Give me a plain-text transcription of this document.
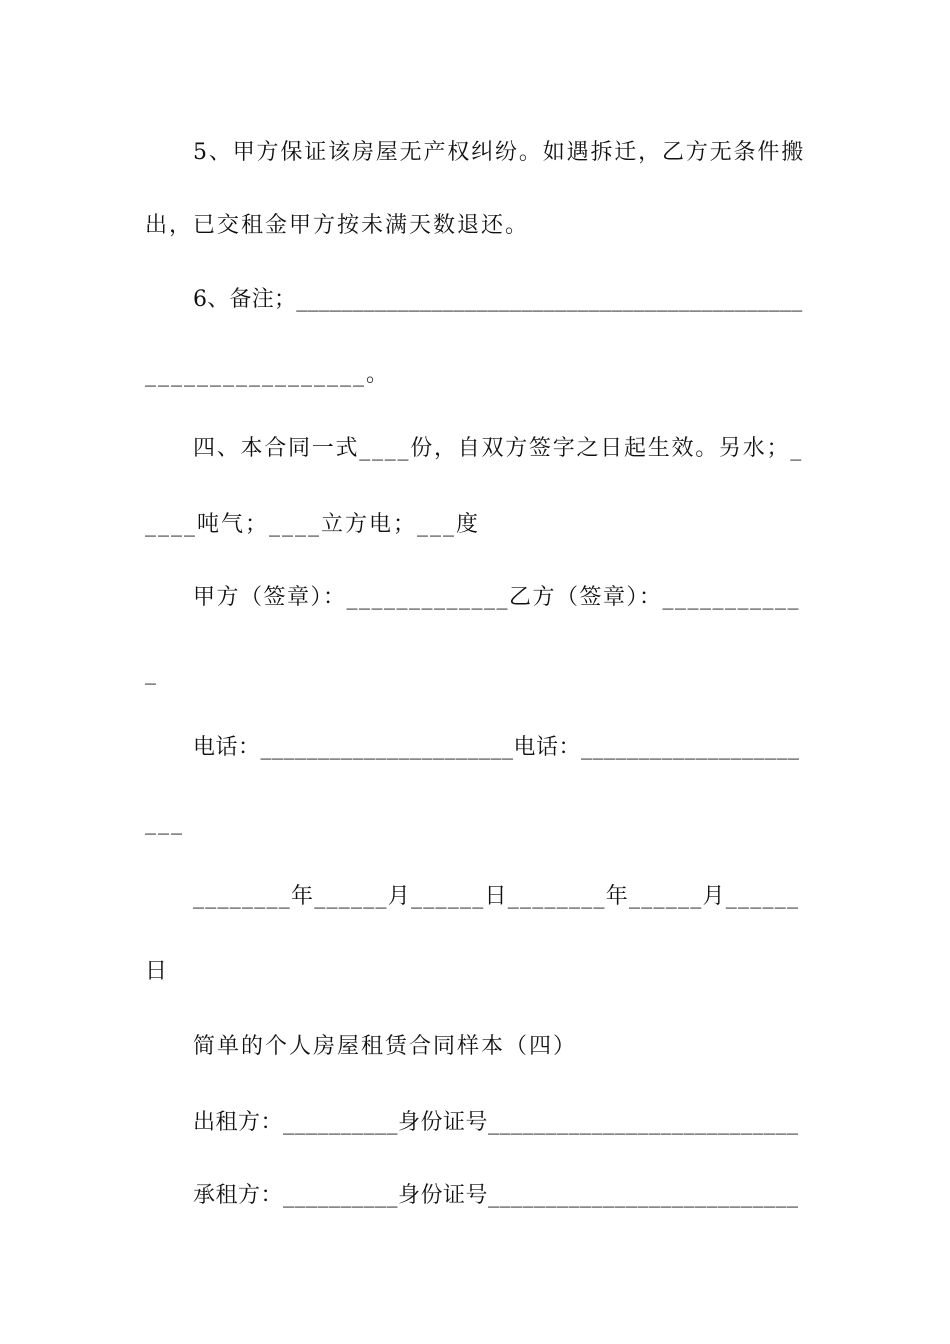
5、甲方保证该房屋无产权纠纷。如遇拆迁，乙方无条件搬
出，已交租金甲方按未满天数退还。
6、备注；_____________________________________________
_________________。
四、本合同一式____份，自双方签字之日起生效。另水；_
____吨气；____立方电；___度
甲方（签章）：_____________乙方（签章）：___________
_
电话：______________________电话：___________________
___
________年______月______日________年______月______
日
简单的个人房屋租赁合同样本（四）
出租方：__________身份证号___________________________
承租方：__________身份证号___________________________
